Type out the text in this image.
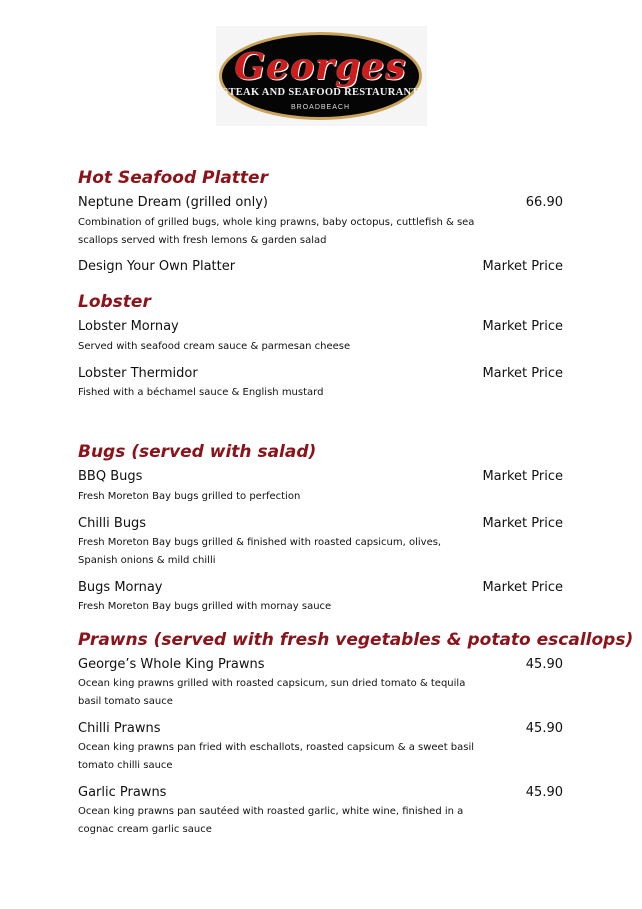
Georges
STEAK AND SEAFOOD RESTAURANT
BROADBEACH
Hot Seafood Platter
Neptune Dream (grilled only)	66.90
Combination of grilled bugs, whole king prawns, baby octopus, cuttlefish & sea scallops served with fresh lemons & garden salad
Design Your Own Platter	Market Price
Lobster
Lobster Mornay	Market Price
Served with seafood cream sauce & parmesan cheese
Lobster Thermidor	Market Price
Fished with a béchamel sauce & English mustard
Bugs (served with salad)
BBQ Bugs	Market Price
Fresh Moreton Bay bugs grilled to perfection
Chilli Bugs	Market Price
Fresh Moreton Bay bugs grilled & finished with roasted capsicum, olives, Spanish onions & mild chilli
Bugs Mornay	Market Price
Fresh Moreton Bay bugs grilled with mornay sauce
Prawns (served with fresh vegetables & potato escallops)
George’s Whole King Prawns	45.90
Ocean king prawns grilled with roasted capsicum, sun dried tomato & tequila basil tomato sauce
Chilli Prawns	45.90
Ocean king prawns pan fried with eschallots, roasted capsicum & a sweet basil tomato chilli sauce
Garlic Prawns	45.90
Ocean king prawns pan sautéed with roasted garlic, white wine, finished in a cognac cream garlic sauce
